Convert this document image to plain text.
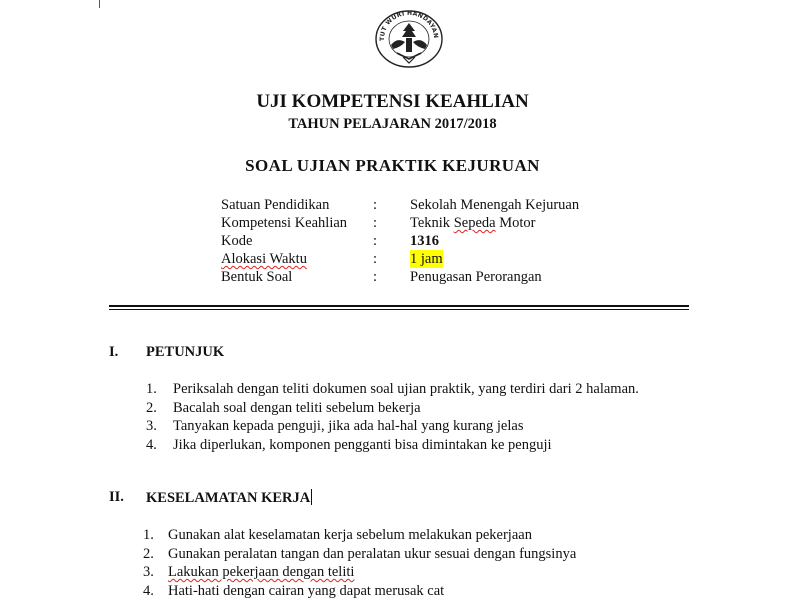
TUT WURI HANDAYAN
UJI KOMPETENSI KEAHLIAN
TAHUN PELAJARAN 2017/2018
SOAL UJIAN PRAKTIK KEJURUAN
Satuan Pendidikan	: Sekolah Menengah Kejuruan
Kompetensi Keahlian : Teknik Sepeda Motor
Kode	: 1316
Alokasi Waktu	: 1 jam
Bentuk Soal	: Penugasan Perorangan
I. PETUNJUK
1. Periksalah dengan teliti dokumen soal ujian praktik, yang terdiri dari 2 halaman.
2. Bacalah soal dengan teliti sebelum bekerja
3. Tanyakan kepada penguji, jika ada hal-hal yang kurang jelas
4. Jika diperlukan, komponen pengganti bisa dimintakan ke penguji
II. KESELAMATAN KERJA
1. Gunakan alat keselamatan kerja sebelum melakukan pekerjaan
2. Gunakan peralatan tangan dan peralatan ukur sesuai dengan fungsinya
3. Lakukan pekerjaan dengan teliti
4. Hati-hati dengan cairan yang dapat merusak cat
